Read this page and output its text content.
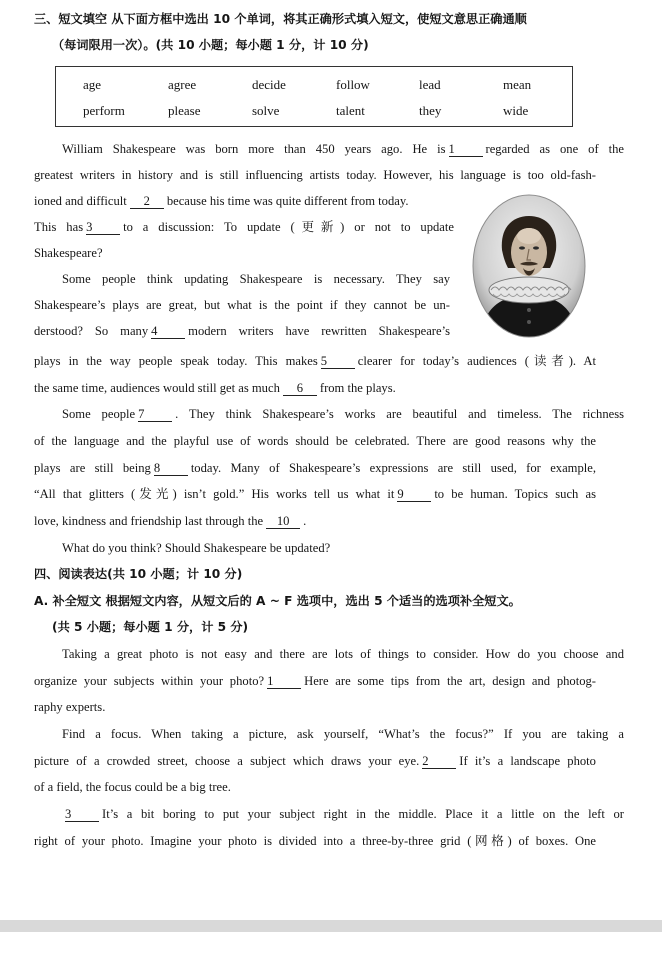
三、短文填空 从下面方框中选出 10 个单词，将其正确形式填入短文，使短文意思正确通顺
（每词限用一次）。(共 10 小题；每小题 1 分，计 10 分)
age	agree	decide	follow	lead	mean
perform	please	solve	talent	they	wide
William Shakespeare was born more than 450 years ago. He is 1 regarded as one of the
greatest writers in history and is still influencing artists today. However, his language is too old-fash-
ioned and difficult 2 because his time was quite different from today.
This has 3 to a discussion: To update (更新) or not to update
Shakespeare?
Some people think updating Shakespeare is necessary. They say
Shakespeare’s plays are great, but what is the point if they cannot be un-
derstood? So many 4 modern writers have rewritten Shakespeare’s
plays in the way people speak today. This makes 5 clearer for today’s audiences (读者). At
the same time, audiences would still get as much 6 from the plays.
Some people 7 . They think Shakespeare’s works are beautiful and timeless. The richness
of the language and the playful use of words should be celebrated. There are good reasons why the
plays are still being 8 today. Many of Shakespeare’s expressions are still used, for example,
“All that glitters (发光) isn’t gold.” His works tell us what it 9 to be human. Topics such as
love, kindness and friendship last through the 10 .
What do you think? Should Shakespeare be updated?
四、阅读表达(共 10 小题；计 10 分)
A. 补全短文 根据短文内容，从短文后的 A ~ F 选项中，选出 5 个适当的选项补全短文。
(共 5 小题；每小题 1 分，计 5 分)
Taking a great photo is not easy and there are lots of things to consider. How do you choose and
organize your subjects within your photo? 1 Here are some tips from the art, design and photog-
raphy experts.
Find a focus. When taking a picture, ask yourself, “What’s the focus?” If you are taking a
picture of a crowded street, choose a subject which draws your eye. 2 If it’s a landscape photo
of a field, the focus could be a big tree.
3 It’s a bit boring to put your subject right in the middle. Place it a little on the left or
right of your photo. Imagine your photo is divided into a three-by-three grid (网格) of boxes. One
